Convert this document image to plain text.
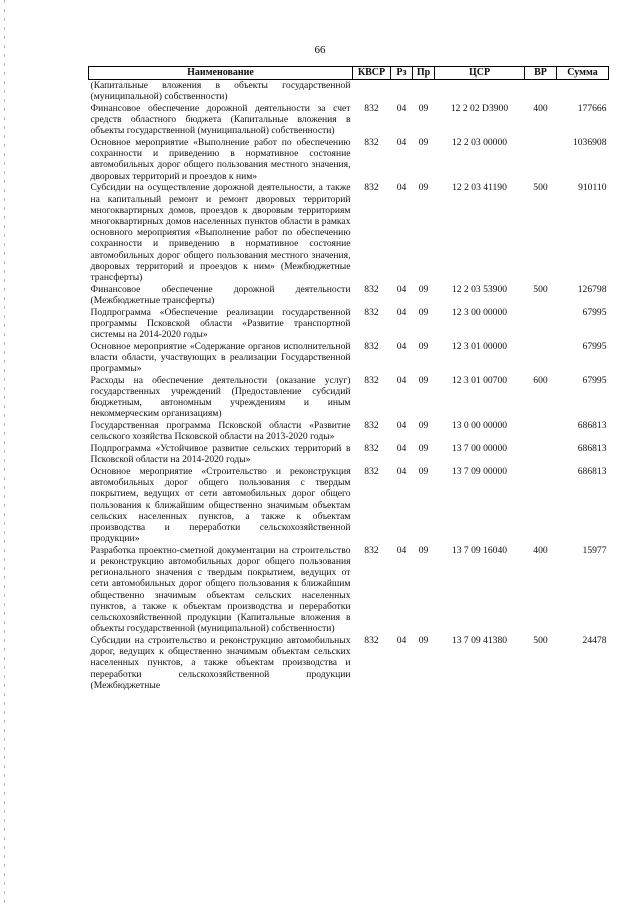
66
Наименование	КВСР	Рз	Пр	ЦСР	ВР	Сумма
(Капитальные вложения в объекты государственной (муниципальной) собственности)						
Финансовое обеспечение дорожной деятельности за счет средств областного бюджета (Капитальные вложения в объекты государственной (муниципальной) собственности)	832	04	09	12 2 02 D3900	400	177666
Основное мероприятие «Выполнение работ по обеспечению сохранности и приведению в нормативное состояние автомобильных дорог общего пользования местного значения, дворовых территорий и проездов к ним»	832	04	09	12 2 03 00000		1036908
Субсидии на осуществление дорожной деятельности, а также на капитальный ремонт и ремонт дворовых территорий многоквартирных домов, проездов к дворовым территориям многоквартирных домов населенных пунктов области в рамках основного мероприятия «Выполнение работ по обеспечению сохранности и приведению в нормативное состояние автомобильных дорог общего пользования местного значения, дворовых территорий и проездов к ним» (Межбюджетные трансферты)	832	04	09	12 2 03 41190	500	910110
Финансовое обеспечение дорожной деятельности (Межбюджетные трансферты)	832	04	09	12 2 03 53900	500	126798
Подпрограмма «Обеспечение реализации государственной программы Псковской области «Развитие транспортной системы на 2014-2020 годы»	832	04	09	12 3 00 00000		67995
Основное мероприятие «Содержание органов исполнительной власти области, участвующих в реализации Государственной программы»	832	04	09	12 3 01 00000		67995
Расходы на обеспечение деятельности (оказание услуг) государственных учреждений (Предоставление субсидий бюджетным, автономным учреждениям и иным некоммерческим организациям)	832	04	09	12 3 01 00700	600	67995
Государственная программа Псковской области «Развитие сельского хозяйства Псковской области на 2013-2020 годы»	832	04	09	13 0 00 00000		686813
Подпрограмма «Устойчивое развитие сельских территорий в Псковской области на 2014-2020 годы»	832	04	09	13 7 00 00000		686813
Основное мероприятие «Строительство и реконструкция автомобильных дорог общего пользования с твердым покрытием, ведущих от сети автомобильных дорог общего пользования к ближайшим общественно значимым объектам сельских населенных пунктов, а также к объектам производства и переработки сельскохозяйственной продукции»	832	04	09	13 7 09 00000		686813
Разработка проектно-сметной документации на строительство и реконструкцию автомобильных дорог общего пользования регионального значения с твердым покрытием, ведущих от сети автомобильных дорог общего пользования к ближайшим общественно значимым объектам сельских населенных пунктов, а также к объектам производства и переработки сельскохозяйственной продукции (Капитальные вложения в объекты государственной (муниципальной) собственности)	832	04	09	13 7 09 16040	400	15977
Субсидии на строительство и реконструкцию автомобильных дорог, ведущих к общественно значимым объектам сельских населенных пунктов, а также объектам производства и переработки сельскохозяйственной продукции (Межбюджетные	832	04	09	13 7 09 41380	500	24478
